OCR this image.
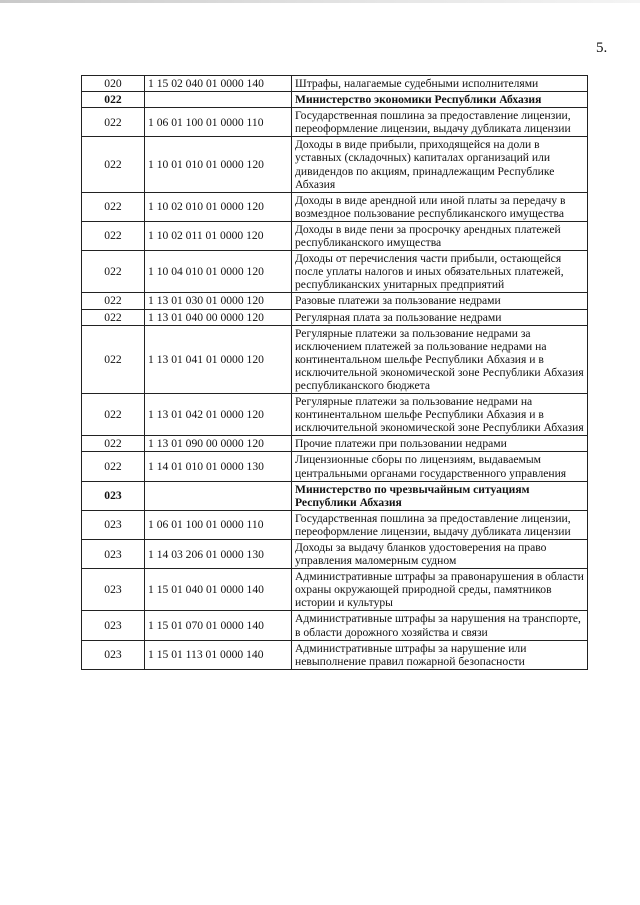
5.
020	1 15 02 040 01 0000 140	Штрафы, налагаемые судебными исполнителями
022		Министерство экономики Республики Абхазия
022	1 06 01 100 01 0000 110	Государственная пошлина за предоставление лицензии, переоформление лицензии, выдачу дубликата лицензии
022	1 10 01 010 01 0000 120	Доходы в виде прибыли, приходящейся на доли в уставных (складочных) капиталах организаций или дивидендов по акциям, принадлежащим Республике Абхазия
022	1 10 02 010 01 0000 120	Доходы в виде арендной или иной платы за передачу в возмездное пользование республиканского имущества
022	1 10 02 011 01 0000 120	Доходы в виде пени за просрочку арендных платежей республиканского имущества
022	1 10 04 010 01 0000 120	Доходы от перечисления части прибыли, остающейся после уплаты налогов и иных обязательных платежей, республиканских унитарных предприятий
022	1 13 01 030 01 0000 120	Разовые платежи за пользование недрами
022	1 13 01 040 00 0000 120	Регулярная плата за пользование недрами
022	1 13 01 041 01 0000 120	Регулярные платежи за пользование недрами за исключением платежей за пользование недрами на континентальном шельфе Республики Абхазия и в исключительной экономической зоне Республики Абхазия республиканского бюджета
022	1 13 01 042 01 0000 120	Регулярные платежи за пользование недрами на континентальном шельфе Республики Абхазия и в исключительной экономической зоне Республики Абхазия
022	1 13 01 090 00 0000 120	Прочие платежи при пользовании недрами
022	1 14 01 010 01 0000 130	Лицензионные сборы по лицензиям, выдаваемым центральными органами государственного управления
023		Министерство по чрезвычайным ситуациям Республики Абхазия
023	1 06 01 100 01 0000 110	Государственная пошлина за предоставление лицензии, переоформление лицензии, выдачу дубликата лицензии
023	1 14 03 206 01 0000 130	Доходы за выдачу бланков удостоверения на право управления маломерным судном
023	1 15 01 040 01 0000 140	Административные штрафы за правонарушения в области охраны окружающей природной среды, памятников истории и культуры
023	1 15 01 070 01 0000 140	Административные штрафы за нарушения на транспорте, в области дорожного хозяйства и связи
023	1 15 01 113 01 0000 140	Административные штрафы за нарушение или невыполнение правил пожарной безопасности
